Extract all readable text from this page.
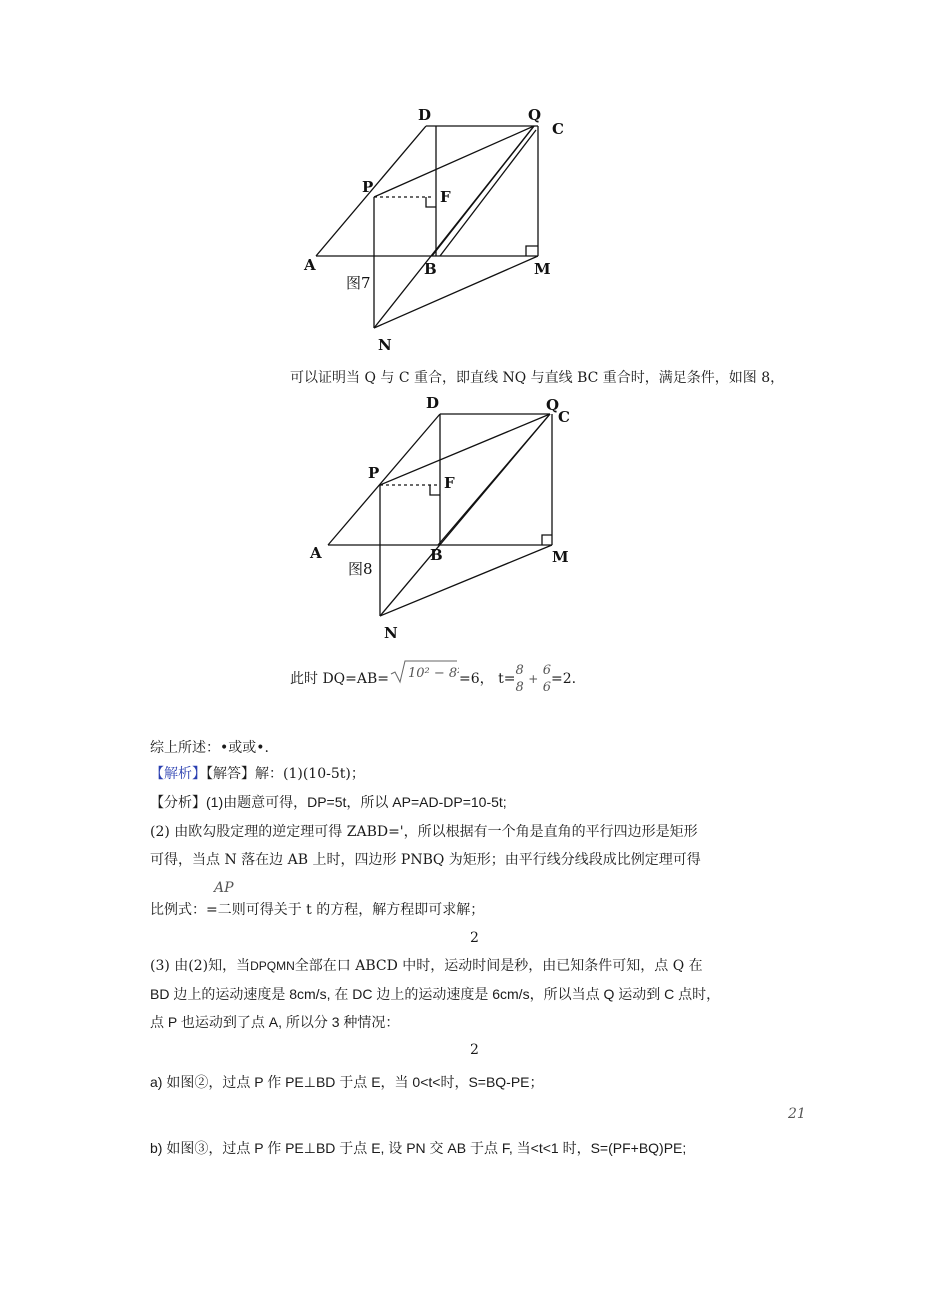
D	Q
C
P
F
A	B	M
N
图7
可以证明当 Q 与 C 重合，即直线 NQ 与直线 BC 重合时，满足条件，如图 8，
D	Q
C
P
F
A	B	M
N
图8
此时 DQ=AB= 10² − 8²
=6， t=8
8 + 6
6=2.
综上所述：•或或•.
【解析】【解答】解：(1)(10-5t)；
【分析】(1)由题意可得，DP=5t，所以 AP=AD-DP=10-5t;
(2) 由欧勾股定理的逆定理可得 ZABD='，所以根据有一个角是直角的平行四边形是矩形
可得，当点 N 落在边 AB 上时，四边形 PNBQ 为矩形；由平行线分线段成比例定理可得
AP
比例式：=二则可得关于 t 的方程，解方程即可求解；
2
(3) 由(2)知，当DPQMN全部在口 ABCD 中时，运动时间是秒，由已知条件可知，点 Q 在
BD 边上的运动速度是 8cm/s, 在 DC 边上的运动速度是 6cm/s，所以当点 Q 运动到 C 点时，
点 P 也运动到了点 A, 所以分 3 种情况：
2
a) 如图②，过点 P 作 PE⊥BD 于点 E，当 0<t<时，S=BQ-PE；
21
b) 如图③，过点 P 作 PE⊥BD 于点 E, 设 PN 交 AB 于点 F, 当<t<1 时，S=(PF+BQ)PE;
